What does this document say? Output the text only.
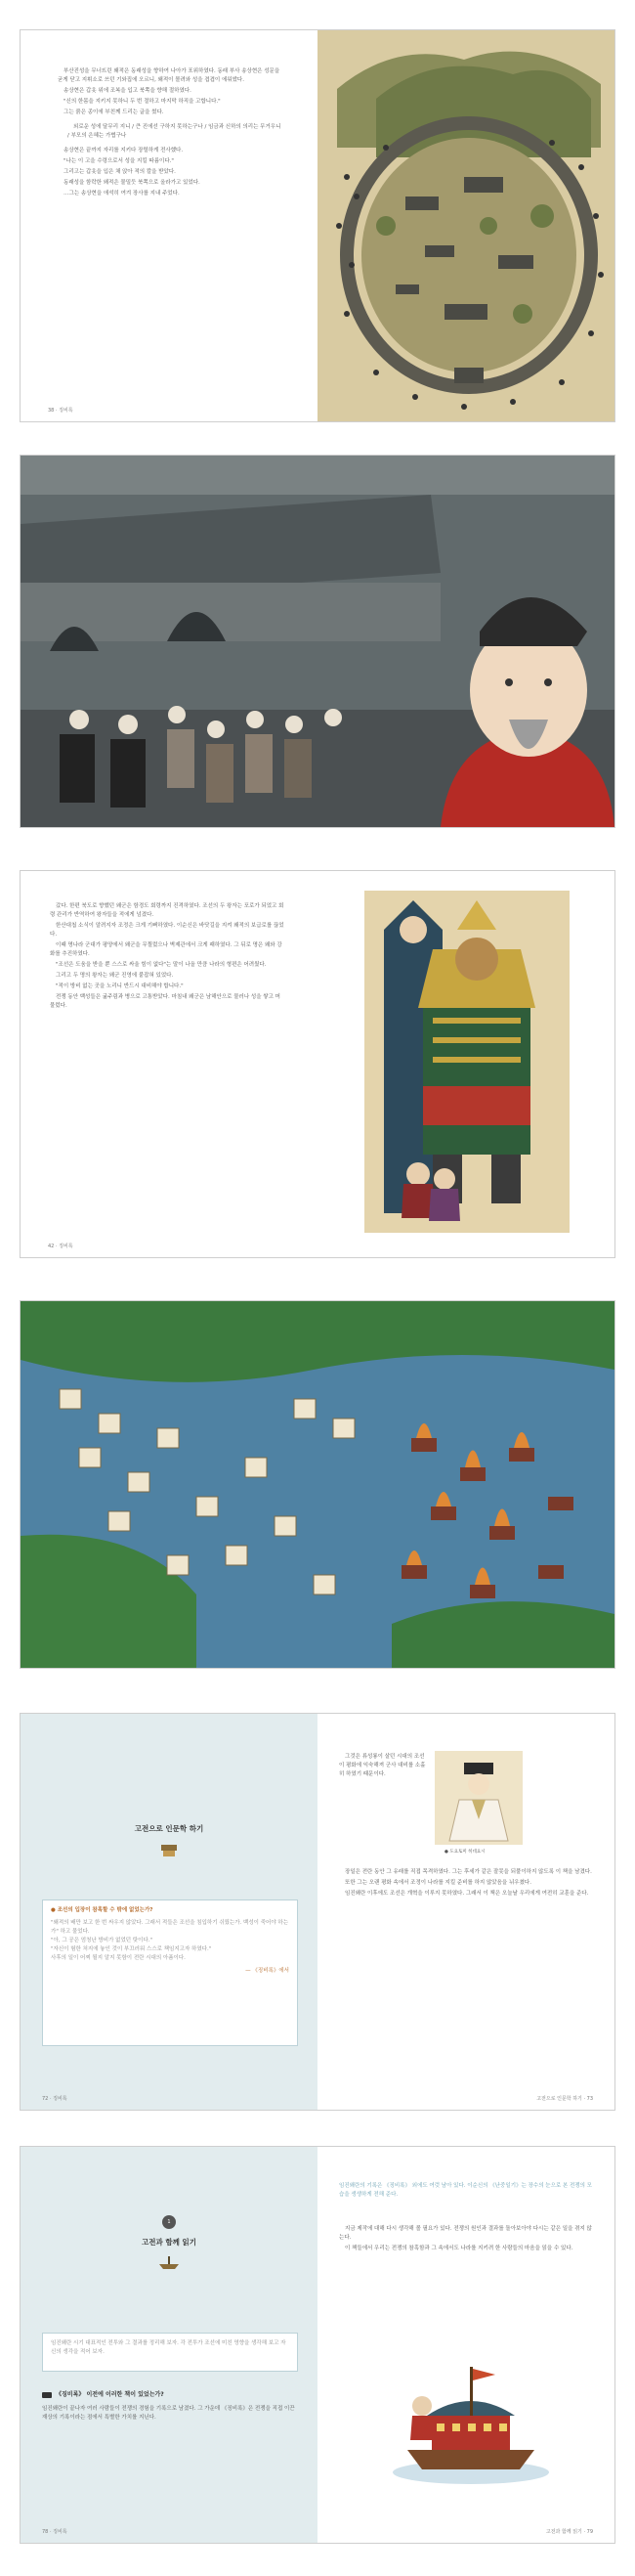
부산진성을 무너뜨린 왜적은 동래성을 향하여 나아가 포위하였다. 동래 부사 송상현은 성문을 굳게 닫고 지휘소로 쓰던 기와집에 오르니, 왜적이 몰려와 성을 겹겹이 에워쌌다.

송상현은 갑옷 위에 조복을 입고 북쪽을 향해 절하였다.

"신의 한몸을 지키지 못하니 두 번 절하고 마지막 하직을 고합니다."

그는 붉은 종이에 부친께 드리는 글을 썼다.

외로운 성에 달무리 지니 / 큰 진에선 구하지 못하는구나 / 임금과 신하의 의리는 무거우니 / 부모의 은혜는 가볍구나

송상현은 끝까지 자리를 지키다 장렬하게 전사했다.

"나는 이 고을 수령으로서 성을 지킬 따름이다."

그리고는 갑옷을 입은 채 앉아 적의 칼을 받았다.

동래성을 함락한 왜적은 물밀듯 북쪽으로 올라가고 있었다.

…그는 송상현을 애석히 여겨 장사를 지내 주었다.

38 · 징비록

갔다. 한편 북도로 향했던 왜군은 함경도 회령까지 진격하였다. 조선의 두 왕자는 포로가 되었고 회령 관리가 반역하여 왕자들을 적에게 넘겼다.

한산대첩 소식이 알려지자 조정은 크게 기뻐하였다. 이순신은 바닷길을 지켜 왜적의 보급로를 끊었다.

이때 명나라 군대가 평양에서 왜군을 무찔렀으나 벽제관에서 크게 패하였다. 그 뒤로 명은 왜와 강화를 추진하였다.

"조선은 도움을 받을 뿐 스스로 싸울 힘이 없다"는 말이 나올 만큼 나라의 형편은 어려웠다.

그리고 두 명의 왕자는 왜군 진영에 붙잡혀 있었다.

"적이 방비 없는 곳을 노리니 반드시 대비해야 합니다."

전쟁 동안 백성들은 굶주림과 병으로 고통받았다. 마침내 왜군은 남해안으로 물러나 성을 쌓고 머물렀다.

42 · 징비록
고전으로 인문학 하기
● 조선의 입장이 참혹할 수 밖에 없었는가?
"왜적의 배만 보고 한 번 싸우지 않았다. 그래서 적들은 조선을 침입하기 쉬웠는가. 백성이 죽어야 하는가" 하고 물었다.
"아, 그 공은 엄청난 방비가 없었던 탓이다."
"자신이 험한 처지에 놓인 것이 부끄러워 스스로 책임지고자 하였다."
사후의 일이 어찌 될지 알지 못함이 전란 시대의 아픔이다.
— 《징비록》에서
72 · 징비록

그것은 류성룡이 살던 시대의 조선이 평화에 익숙해져 군사 대비를 소홀히 하였기 때문이다.

● 도요토미 히데요시

장일은 전란 동안 그 유래를 직접 목격하였다. 그는 후세가 같은 잘못을 되풀이하지 않도록 이 책을 남겼다.

또한 그는 오랜 평화 속에서 조정이 나라를 지킬 준비를 하지 않았음을 뉘우쳤다.

임진왜란 이후에도 조선은 개혁을 이루지 못하였다. 그래서 이 책은 오늘날 우리에게 여전히 교훈을 준다.

고전으로 인문학 하기 · 73
1
고전과 함께 읽기
임진왜란 시기 대표적인 전투와 그 결과를 정리해 보자. 각 전투가 조선에 미친 영향을 생각해 보고 자신의 생각을 적어 보자.
《징비록》 이전에 이러한 책이 있었는가?
임진왜란이 끝나자 여러 사람들이 전쟁의 경험을 기록으로 남겼다. 그 가운데 《징비록》은 전쟁을 직접 이끈 재상의 기록이라는 점에서 특별한 가치를 지닌다.
78 · 징비록
임진왜란의 기록은 《징비록》 외에도 여럿 남아 있다. 이순신의 《난중일기》는 장수의 눈으로 본 전쟁의 모습을 생생하게 전해 준다.

지금 제작에 대해 다시 생각해 볼 필요가 있다. 전쟁의 원인과 결과를 돌아보아야 다시는 같은 일을 겪지 않는다.

이 책들에서 우리는 전쟁의 참혹함과 그 속에서도 나라를 지키려 한 사람들의 마음을 읽을 수 있다.

고전과 함께 읽기 · 79
